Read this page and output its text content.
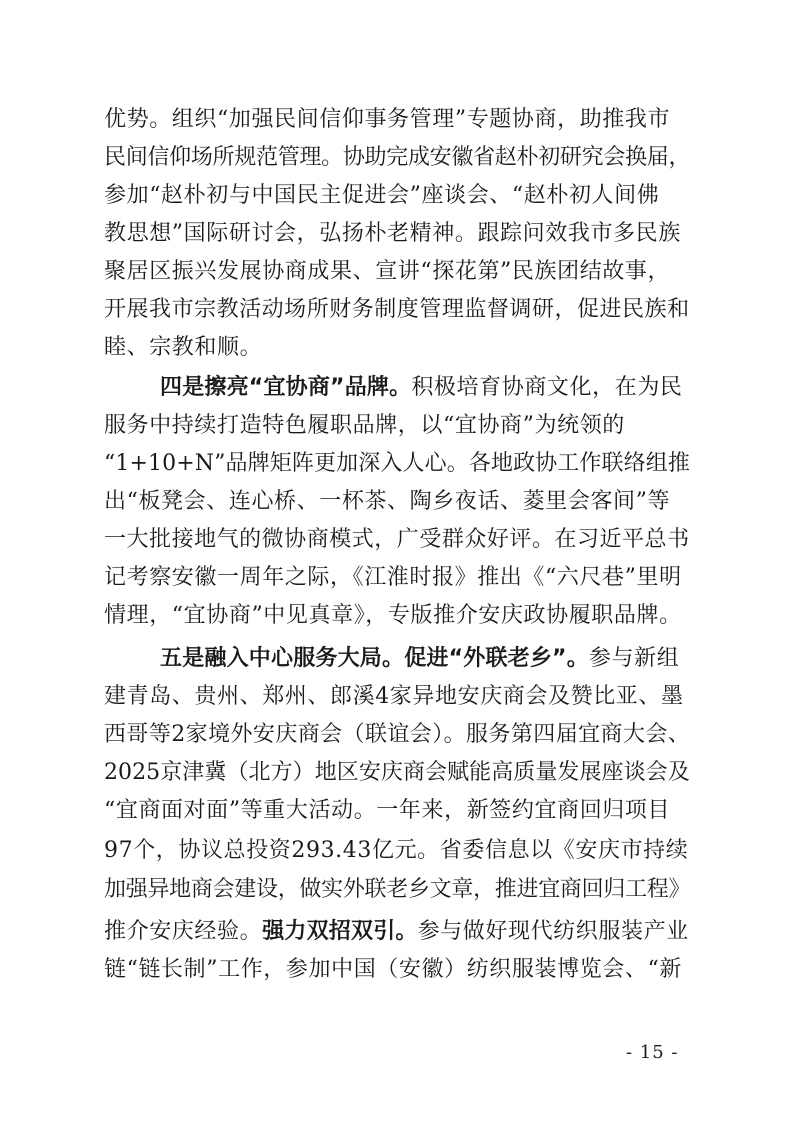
优势。组织“加强民间信仰事务管理”专题协商，助推我市
民间信仰场所规范管理。协助完成安徽省赵朴初研究会换届，
参加“赵朴初与中国民主促进会”座谈会、“赵朴初人间佛
教思想”国际研讨会，弘扬朴老精神。跟踪问效我市多民族
聚居区振兴发展协商成果、宣讲“探花第”民族团结故事，
开展我市宗教活动场所财务制度管理监督调研，促进民族和
睦、宗教和顺。
四是擦亮“宜协商”品牌。积极培育协商文化，在为民
服务中持续打造特色履职品牌，以“宜协商”为统领的
“1+10+N”品牌矩阵更加深入人心。各地政协工作联络组推
出“板凳会、连心桥、一杯茶、陶乡夜话、菱里会客间”等
一大批接地气的微协商模式，广受群众好评。在习近平总书
记考察安徽一周年之际，《江淮时报》推出《“六尺巷”里明
情理，“宜协商”中见真章》，专版推介安庆政协履职品牌。
五是融入中心服务大局。促进“外联老乡”。参与新组
建青岛、贵州、郑州、郎溪4家异地安庆商会及赞比亚、墨
西哥等2家境外安庆商会（联谊会）。服务第四届宜商大会、
2025京津冀（北方）地区安庆商会赋能高质量发展座谈会及
“宜商面对面”等重大活动。一年来，新签约宜商回归项目
97个，协议总投资293.43亿元。省委信息以《安庆市持续
加强异地商会建设，做实外联老乡文章，推进宜商回归工程》
推介安庆经验。强力双招双引。参与做好现代纺织服装产业
链“链长制”工作，参加中国（安徽）纺织服装博览会、“新
- 15 -
